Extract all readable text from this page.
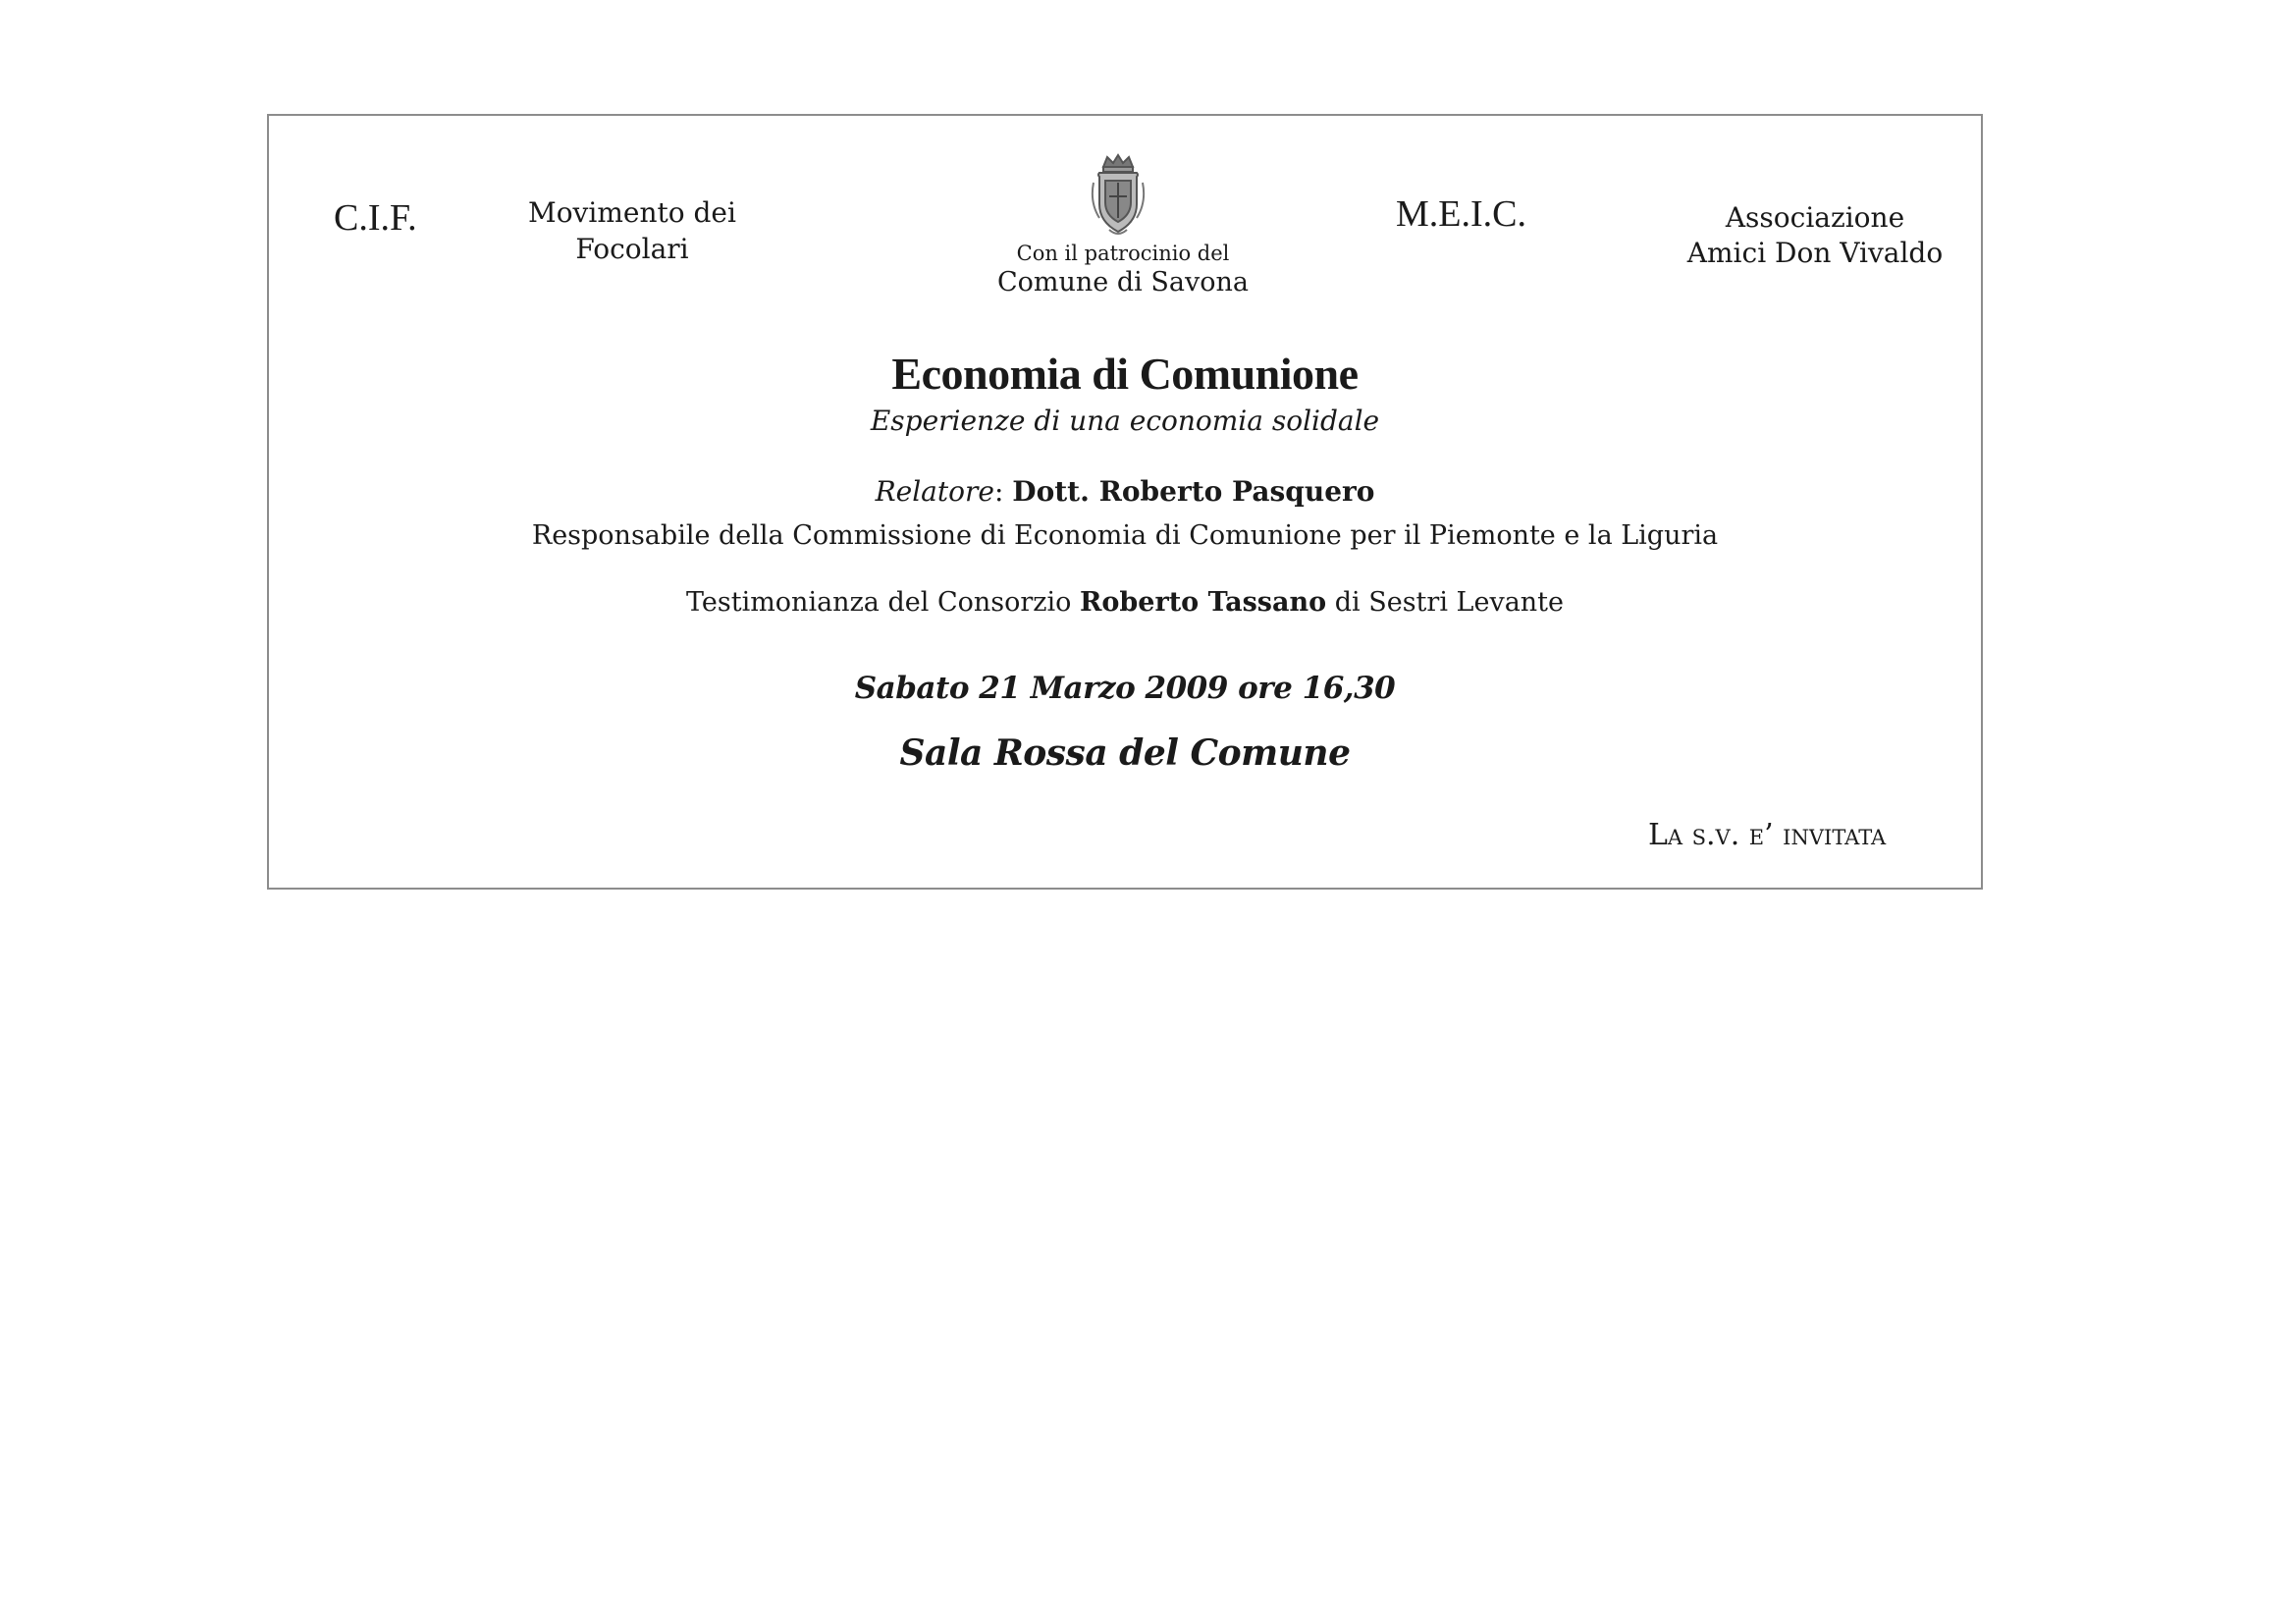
C.I.F.	Movimento dei
Focolari	Con il patrocinio del
Comune di Savona
M.E.I.C.	Associazione
Amici Don Vivaldo
Economia di Comunione
Esperienze di una economia solidale
Relatore: Dott. Roberto Pasquero
Responsabile della Commissione di Economia di Comunione per il Piemonte e la Liguria
Testimonianza del Consorzio Roberto Tassano di Sestri Levante
Sabato 21 Marzo 2009 ore 16,30
Sala Rossa del Comune
La s.v. e’ invitata
